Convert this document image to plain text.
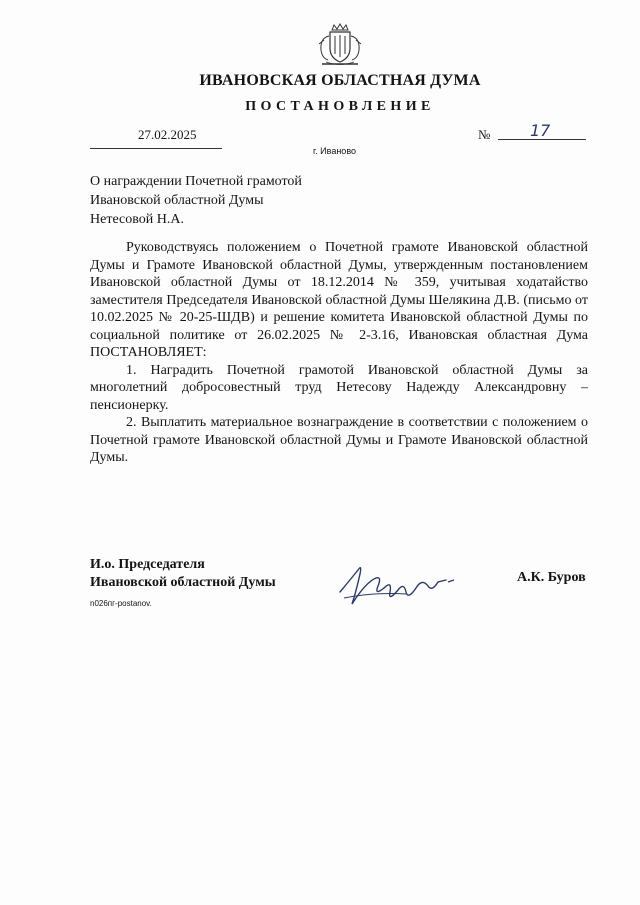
ИВАНОВСКАЯ ОБЛАСТНАЯ ДУМА
ПОСТАНОВЛЕНИЕ
27.02.2025	№ 17
г. Иваново
О награждении Почетной грамотой
Ивановской областной Думы
Нетесовой Н.А.

Руководствуясь положением о Почетной грамоте Ивановской областной Думы и Грамоте Ивановской областной Думы, утвержденным постановлением Ивановской областной Думы от 18.12.2014 № 359, учитывая ходатайство заместителя Председателя Ивановской областной Думы Шелякина Д.В. (письмо от 10.02.2025 № 20-25-ШДВ) и решение комитета Ивановской областной Думы по социальной политике от 26.02.2025 № 2-3.16, Ивановская областная Дума ПОСТАНОВЛЯЕТ:

1. Наградить Почетной грамотой Ивановской областной Думы за многолетний добросовестный труд Нетесову Надежду Александровну – пенсионерку.

2. Выплатить материальное вознаграждение в соответствии с положением о Почетной грамоте Ивановской областной Думы и Грамоте Ивановской областной Думы.

И.о. Председателя
Ивановской областной Думы	А.К. Буров
n026пг-postanov.
